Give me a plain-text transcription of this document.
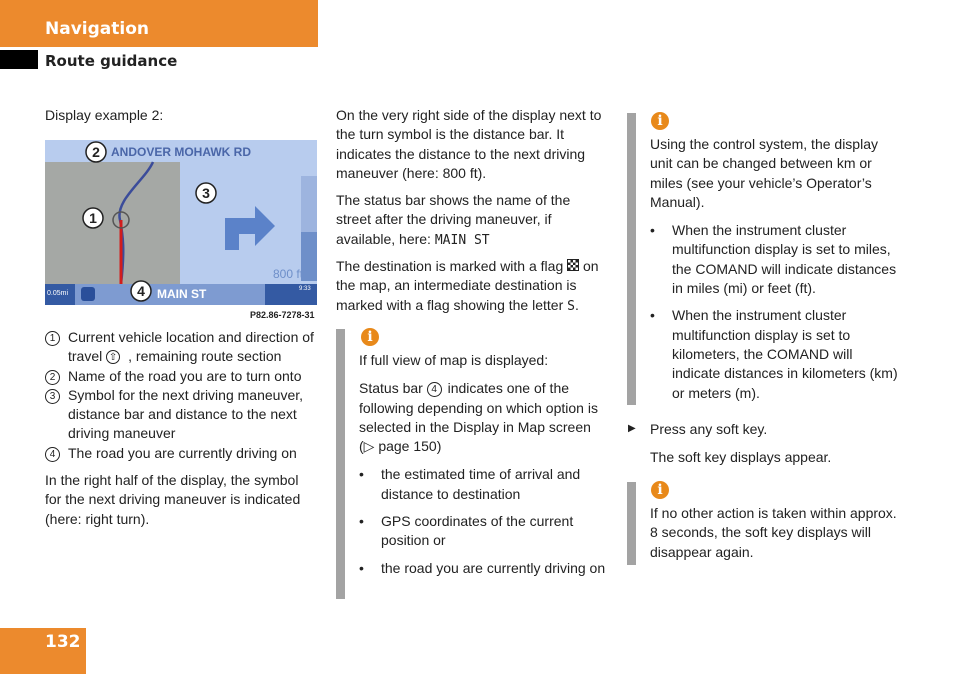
Navigation
Route guidance
Display example 2:
800 ft
0.05mi
9:33
MAIN ST
ANDOVER MOHAWK RD
2
1
3
4
P82.86-7278-31
1 Current vehicle location and direction of travel ⇧ , remaining route section
2 Name of the road you are to turn onto
3 Symbol for the next driving maneuver, distance bar and distance to the next driving maneuver
4 The road you are currently driving on
In the right half of the display, the symbol for the next driving maneuver is indicated (here: right turn).
On the very right side of the display next to the turn symbol is the distance bar. It indicates the distance to the next driving maneuver (here: 800 ft).
The status bar shows the name of the street after the driving maneuver, if available, here: MAIN ST
The destination is marked with a flag  on the map, an intermediate destination is marked with a flag showing the letter S.
i
If full view of map is displayed:
Status bar 4 indicates one of the following depending on which option is selected in the Display in Map screen (▷ page 150)
• the estimated time of arrival and distance to destination
• GPS coordinates of the current position or
• the road you are currently driving on
i
Using the control system, the display unit can be changed between km or miles (see your vehicle’s Operator’s Manual).
• When the instrument cluster multifunction display is set to miles, the COMAND will indicate distances in miles (mi) or feet (ft).
• When the instrument cluster multifunction display is set to kilometers, the COMAND will indicate distances in kilometers (km) or meters (m).
▶ Press any soft key.
The soft key displays appear.
i
If no other action is taken within approx. 8 seconds, the soft key displays will disappear again.
132
